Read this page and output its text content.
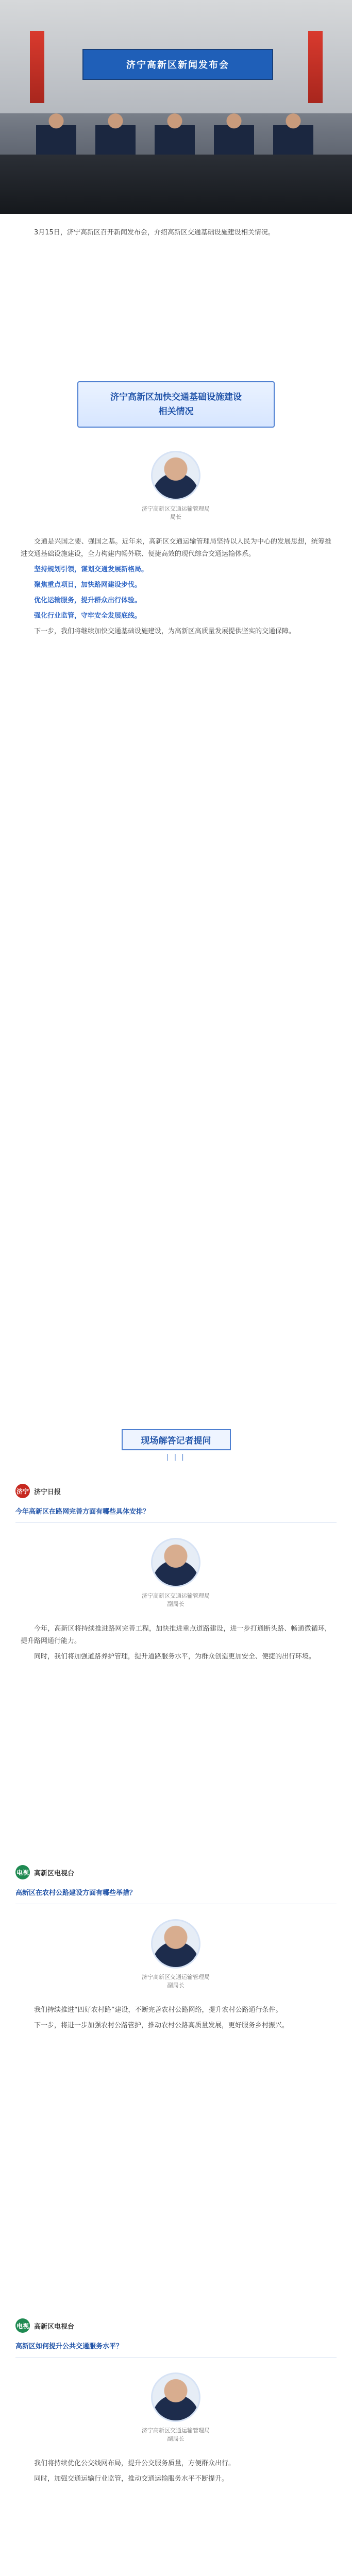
济宁高新区新闻发布会

3月15日，济宁高新区召开新闻发布会，介绍高新区交通基础设施建设相关情况。

济宁高新区加快交通基础设施建设
相关情况
济宁高新区交通运输管理局
局长

交通是兴国之要、强国之基。近年来，高新区交通运输管理局坚持以人民为中心的发展思想，统筹推进交通基础设施建设，全力构建内畅外联、便捷高效的现代综合交通运输体系。

坚持规划引领，谋划交通发展新格局。

聚焦重点项目，加快路网建设步伐。

优化运输服务，提升群众出行体验。

强化行业监管，守牢安全发展底线。

下一步，我们将继续加快交通基础设施建设，为高新区高质量发展提供坚实的交通保障。

现场解答记者提问
| | |
济宁 济宁日报
今年高新区在路网完善方面有哪些具体安排？
济宁高新区交通运输管理局
副局长

今年，高新区将持续推进路网完善工程，加快推进重点道路建设，进一步打通断头路、畅通微循环，提升路网通行能力。

同时，我们将加强道路养护管理，提升道路服务水平，为群众创造更加安全、便捷的出行环境。

电视 高新区电视台
高新区在农村公路建设方面有哪些举措？
济宁高新区交通运输管理局
副局长

我们持续推进“四好农村路”建设，不断完善农村公路网络，提升农村公路通行条件。

下一步，将进一步加强农村公路管护，推动农村公路高质量发展，更好服务乡村振兴。

电视 高新区电视台
高新区如何提升公共交通服务水平？
济宁高新区交通运输管理局
副局长

我们将持续优化公交线网布局，提升公交服务质量，方便群众出行。

同时，加强交通运输行业监管，推动交通运输服务水平不断提升。
